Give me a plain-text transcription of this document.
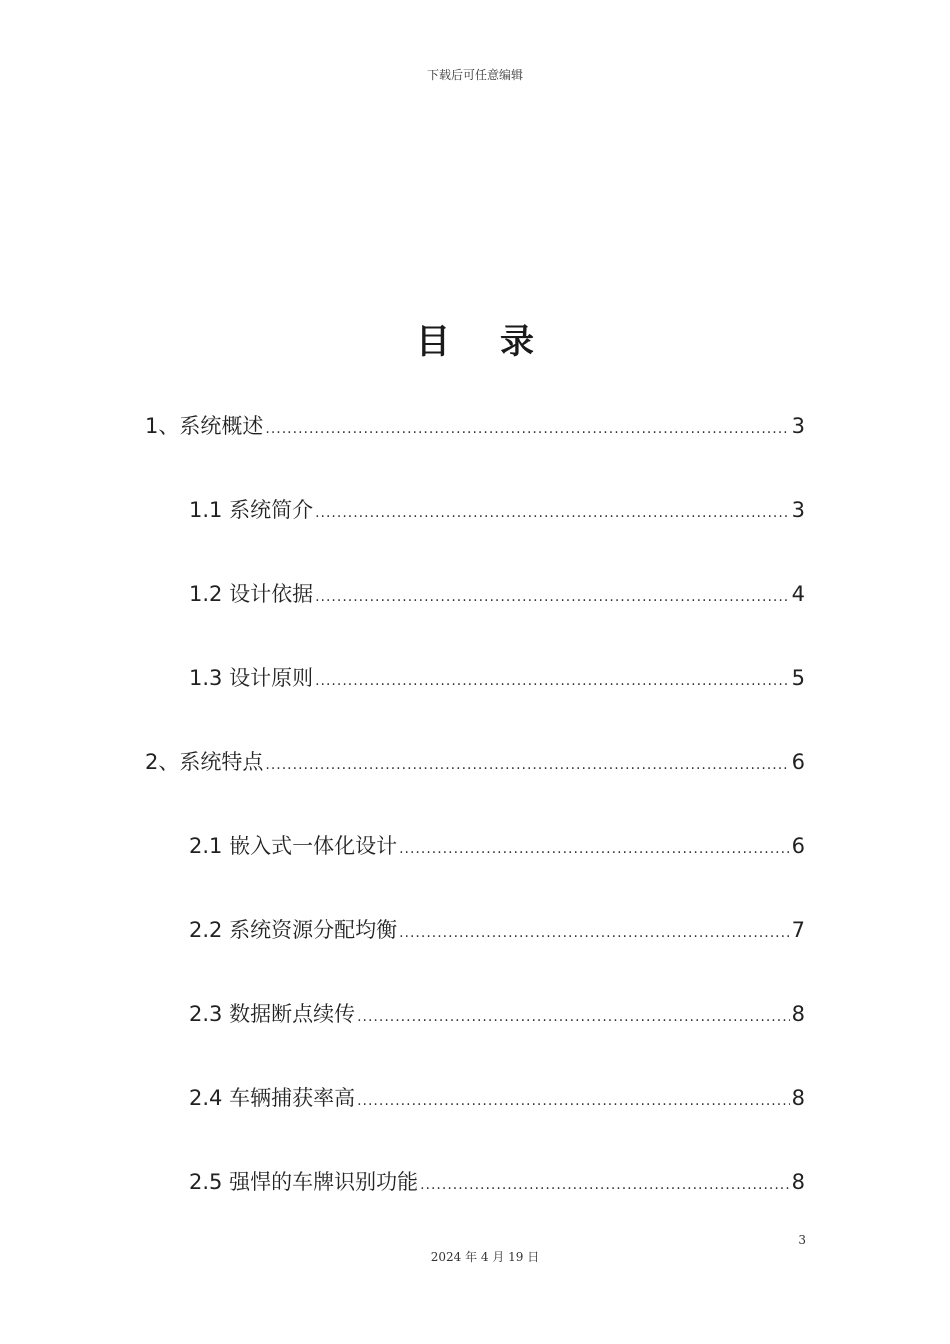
下载后可任意编辑
目 录
1、系统概述 .....	3
1.1 系统简介 .....	3
1.2 设计依据 .....	4
1.3 设计原则 .....	5
2、系统特点 .....	6
2.1 嵌入式一体化设计 .....	6
2.2 系统资源分配均衡 .....	7
2.3 数据断点续传 .....	8
2.4 车辆捕获率高 .....	8
2.5 强悍的车牌识别功能 .....	8
3
2024 年 4 月 19 日
